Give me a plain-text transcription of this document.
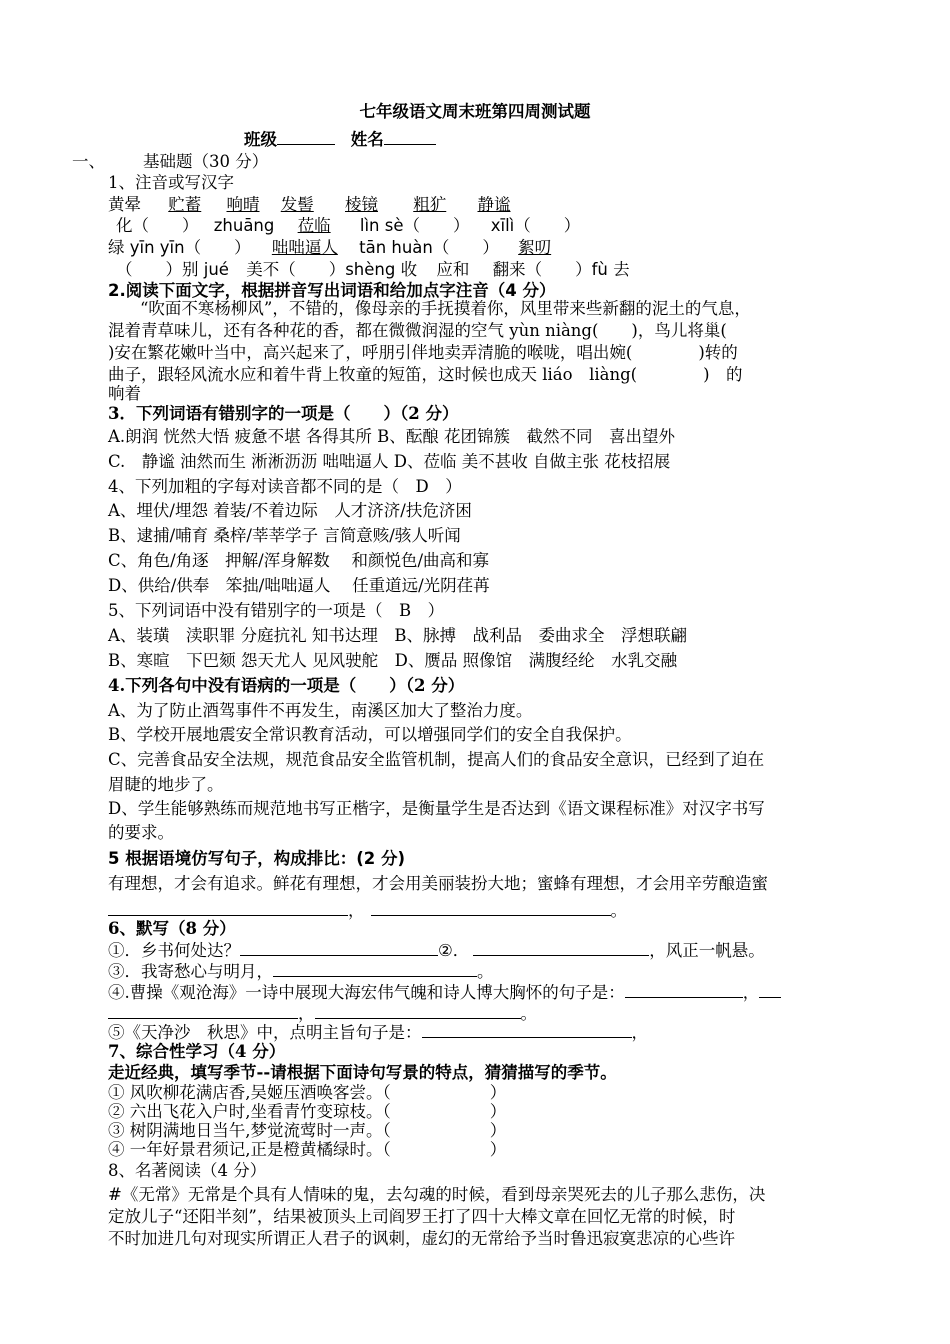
七年级语文周末班第四周测试题
班级	姓名
一、 基础题（30 分）
1、注音或写汉字
黄晕 贮蓄 响晴 发髻 棱镜 粗犷 静谧
化（　　） zhuāng 莅临 lìn sè（　　） xīlì（　　）
绿 yīn yīn（　　） 咄咄逼人 tān huàn（　　） 絮叨
（　　）别 jué 美不（　　）shèng 收 应和 翻来（　　）fù 去
2.阅读下面文字，根据拼音写出词语和给加点字注音（4 分）
“吹面不寒杨柳风”，不错的，像母亲的手抚摸着你，风里带来些新翻的泥土的气息，
混着青草味儿，还有各种花的香，都在微微润湿的空气 yùn niàng(　　)，鸟儿将巢(
)安在繁花嫩叶当中，高兴起来了，呼朋引伴地卖弄清脆的喉咙，唱出婉(　　　　)转的
曲子，跟轻风流水应和着牛背上牧童的短笛，这时候也成天 liáo　liàng(　　　　)　的
响着
3．下列词语有错别字的一项是（　　）（2 分）
A.朗润 恍然大悟 疲惫不堪 各得其所 B、酝酿 花团锦簇　截然不同　喜出望外
C.　静谧 油然而生 淅淅沥沥 咄咄逼人 D、莅临 美不甚收 自做主张 花枝招展
4、下列加粗的字每对读音都不同的是（　D　）
A、埋伏/埋怨 着装/不着边际　人才济济/扶危济困
B、逮捕/哺育 桑梓/莘莘学子 言简意赅/骇人听闻
C、角色/角逐　押解/浑身解数　 和颜悦色/曲高和寡
D、供给/供奉　笨拙/咄咄逼人　 任重道远/光阴荏苒
5、下列词语中没有错别字的一项是（　B　）
A、装璜　渎职罪 分庭抗礼 知书达理　B、脉搏　战利品　委曲求全　浮想联翩
B、寒暄　下巴颏 怨天尤人 见风驶舵　D、赝品 照像馆　满腹经纶　水乳交融
4.下列各句中没有语病的一项是（　　）（2 分）
A、为了防止酒驾事件不再发生，南溪区加大了整治力度。
B、学校开展地震安全常识教育活动，可以增强同学们的安全自我保护。
C、完善食品安全法规，规范食品安全监管机制，提高人们的食品安全意识，已经到了迫在
眉睫的地步了。
D、学生能够熟练而规范地书写正楷字，是衡量学生是否达到《语文课程标准》对汉字书写
的要求。
5 根据语境仿写句子，构成排比：(2 分)
有理想，才会有追求。鲜花有理想，才会用美丽装扮大地；蜜蜂有理想，才会用辛劳酿造蜜
，	。
6、默写（8 分）
①．乡书何处达？	②．	，风正一帆悬。
③．我寄愁心与明月，	。
④.曹操《观沧海》一诗中展现大海宏伟气魄和诗人博大胸怀的句子是：	，
，	。
⑤《天净沙　秋思》中，点明主旨句子是：	，
7、综合性学习（4 分）
走近经典，填写季节--请根据下面诗句写景的特点，猜猜描写的季节。
① 风吹柳花满店香,吴姬压酒唤客尝。（　　　　　　）
② 六出飞花入户时,坐看青竹变琼枝。（　　　　　　）
③ 树阴满地日当午,梦觉流莺时一声。（　　　　　　）
④ 一年好景君须记,正是橙黄橘绿时。（　　　　　　）
8、名著阅读（4 分）
#《无常》无常是个具有人情味的鬼，去勾魂的时候，看到母亲哭死去的儿子那么悲伤，决
定放儿子“还阳半刻”，结果被顶头上司阎罗王打了四十大棒文章在回忆无常的时候，时
不时加进几句对现实所谓正人君子的讽刺，虚幻的无常给予当时鲁迅寂寞悲凉的心些许
